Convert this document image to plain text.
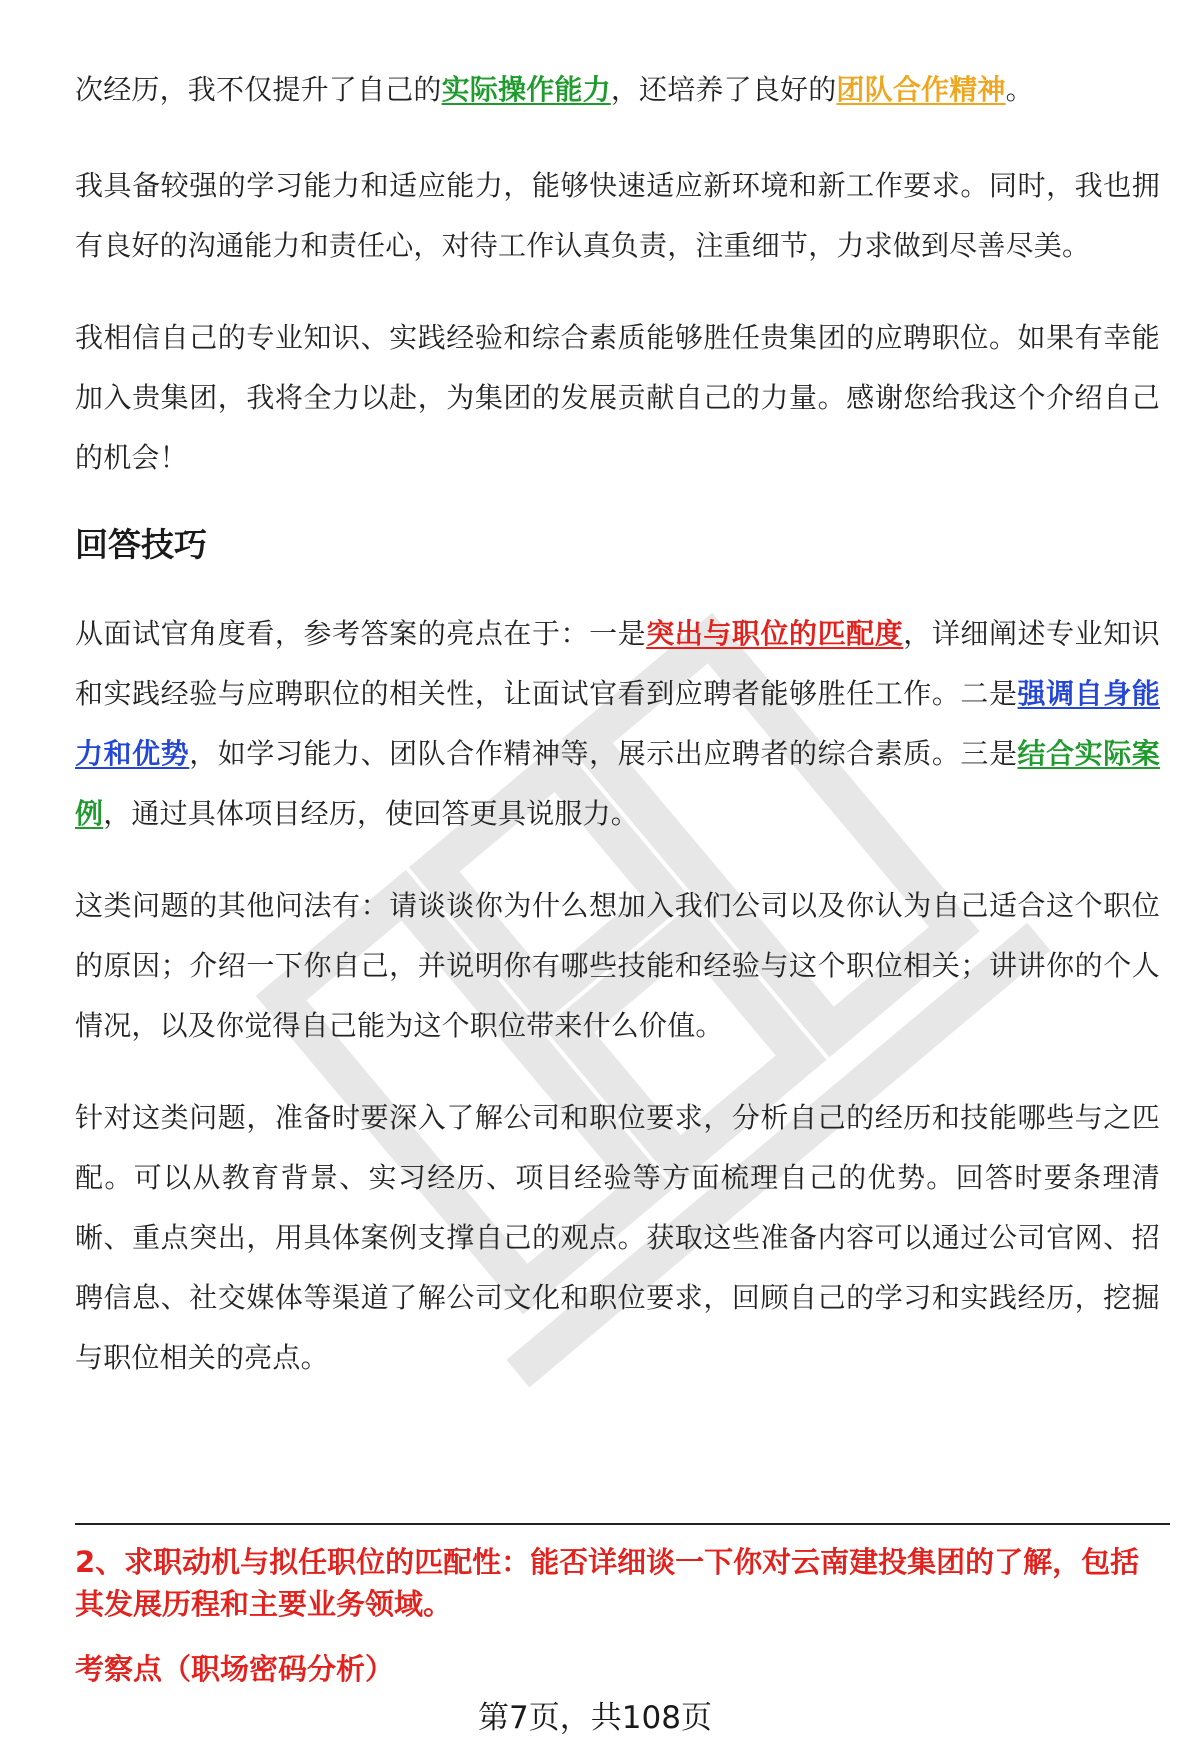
次经历，我不仅提升了自己的实际操作能力，还培养了良好的团队合作精神。

我具备较强的学习能力和适应能力，能够快速适应新环境和新工作要求。同时，我也拥有良好的沟通能力和责任心，对待工作认真负责，注重细节，力求做到尽善尽美。

我相信自己的专业知识、实践经验和综合素质能够胜任贵集团的应聘职位。如果有幸能加入贵集团，我将全力以赴，为集团的发展贡献自己的力量。感谢您给我这个介绍自己的机会！

回答技巧

从面试官角度看，参考答案的亮点在于：一是突出与职位的匹配度，详细阐述专业知识和实践经验与应聘职位的相关性，让面试官看到应聘者能够胜任工作。二是强调自身能力和优势，如学习能力、团队合作精神等，展示出应聘者的综合素质。三是结合实际案例，通过具体项目经历，使回答更具说服力。

这类问题的其他问法有：请谈谈你为什么想加入我们公司以及你认为自己适合这个职位的原因；介绍一下你自己，并说明你有哪些技能和经验与这个职位相关；讲讲你的个人情况，以及你觉得自己能为这个职位带来什么价值。

针对这类问题，准备时要深入了解公司和职位要求，分析自己的经历和技能哪些与之匹配。可以从教育背景、实习经历、项目经验等方面梳理自己的优势。回答时要条理清晰、重点突出，用具体案例支撑自己的观点。获取这些准备内容可以通过公司官网、招聘信息、社交媒体等渠道了解公司文化和职位要求，回顾自己的学习和实践经历，挖掘与职位相关的亮点。

2、求职动机与拟任职位的匹配性：能否详细谈一下你对云南建投集团的了解，包括其发展历程和主要业务领域。

考察点（职场密码分析）

第7页，共108页
